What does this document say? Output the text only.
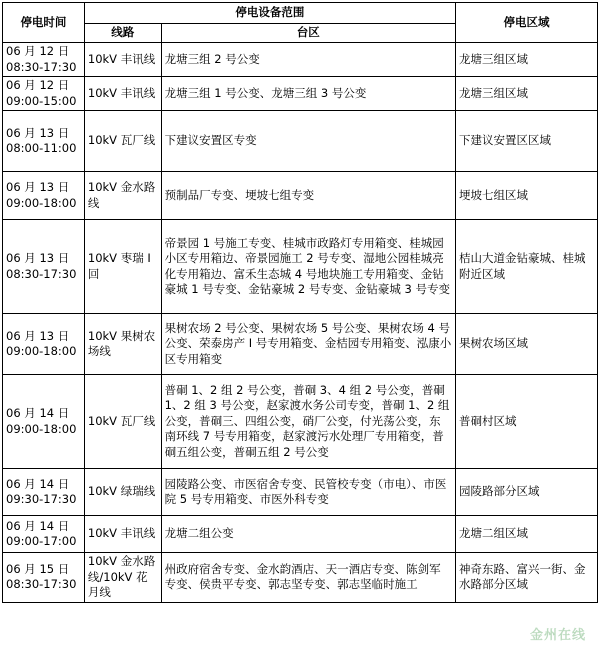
停电时间	停电设备范围		停电区域
	线路	台区	

06 月 12 日
08:30-17:30	10kV 丰讯线	龙塘三组 2 号公变	龙塘三组区域

06 月 12 日
09:00-15:00	10kV 丰讯线	龙塘三组 1 号公变、龙塘三组 3 号公变	龙塘三组区域

06 月 13 日
08:00-11:00	10kV 瓦厂线	下建议安置区专变	下建议安置区区域

06 月 13 日
09:00-18:00	10kV 金水路线	预制品厂专变、埂坡七组专变	埂坡七组区域

06 月 13 日
08:30-17:30	10kV 枣瑞 I 回	帝景园 1 号施工专变、桂城市政路灯专用箱变、桂城园小区专用箱边、帝景园施工 2 号专变、湿地公园桂城亮化专用箱边、富禾生态城 4 号地块施工专用箱变、金钻豪城 1 号专变、金钻豪城 2 号专变、金钻豪城 3 号专变	桔山大道金钻豪城、桂城附近区域

06 月 13 日
09:00-18:00	10kV 果树农场线	果树农场 2 号公变、果树农场 5 号公变、果树农场 4 号公变、荣泰房产 I 号专用箱变、金桔园专用箱变、泓康小区专用箱变	果树农场区域

06 月 14 日
09:00-18:00	10kV 瓦厂线	普硐 1、2 组 2 号公变，普硐 3、4 组 2 号公变，普硐 1、2 组 3 号公变，赵家渡水务公司专变，普硐 1、2 组公变，普硐三、四组公变，硝厂公变，付光荡公变，东南环线 7 号专用箱变，赵家渡污水处理厂专用箱变，普硐五组公变，普硐五组 2 号公变	普硐村区域

06 月 14 日
09:30-17:30	10kV 绿瑞线	园陵路公变、市医宿舍专变、民管校专变（市电）、市医院 5 号专用箱变、市医外科专变	园陵路部分区域

06 月 14 日
09:00-17:00	10kV 丰讯线	龙塘二组公变	龙塘二组区域

06 月 15 日
08:30-17:30	10kV 金水路线/10kV 花月线	州政府宿舍专变、金水韵酒店、天一酒店专变、陈剑军专变、侯贵平专变、郭志坚专变、郭志坚临时施工	神奇东路、富兴一街、金水路部分区域
金州在线
